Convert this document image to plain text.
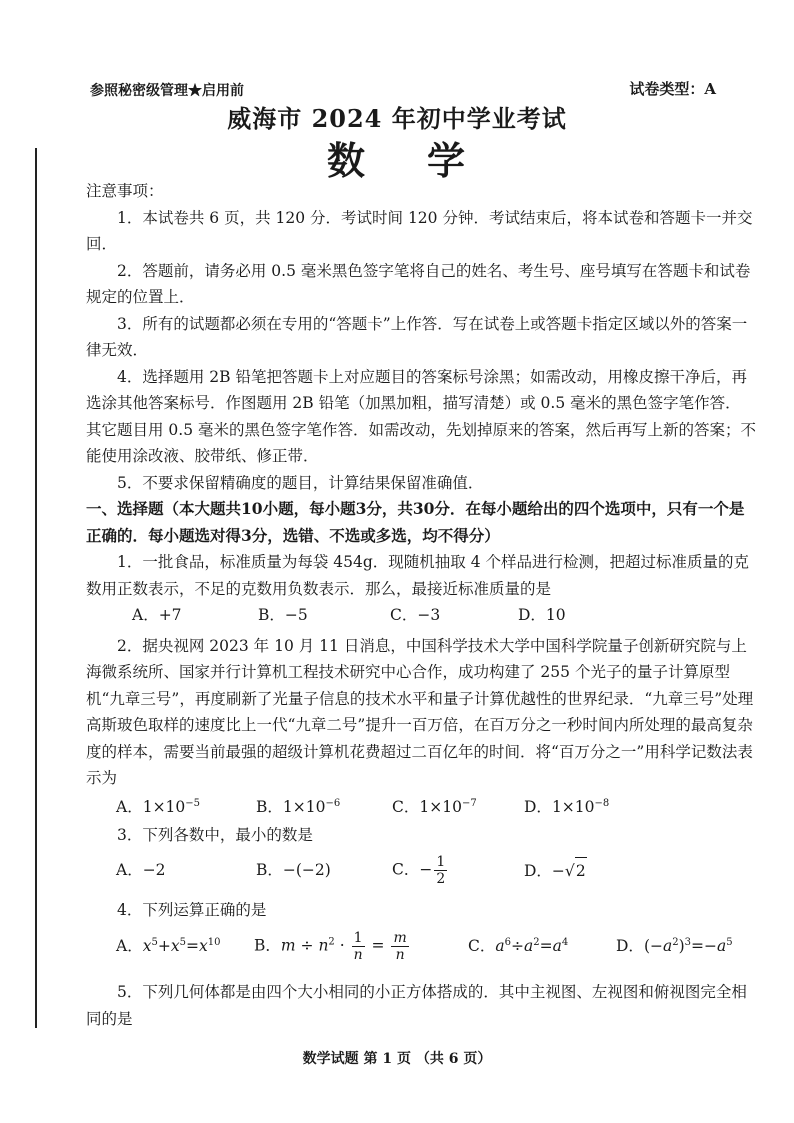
参照秘密级管理★启用前	试卷类型：A
威海市 2024 年初中学业考试
数 学

注意事项：

1．本试卷共 6 页，共 120 分．考试时间 120 分钟．考试结束后，将本试卷和答题卡一并交回．

2．答题前，请务必用 0.5 毫米黑色签字笔将自己的姓名、考生号、座号填写在答题卡和试卷规定的位置上．

3．所有的试题都必须在专用的“答题卡”上作答．写在试卷上或答题卡指定区域以外的答案一律无效．

4．选择题用 2B 铅笔把答题卡上对应题目的答案标号涂黑；如需改动，用橡皮擦干净后，再选涂其他答案标号．作图题用 2B 铅笔（加黑加粗，描写清楚）或 0.5 毫米的黑色签字笔作答．其它题目用 0.5 毫米的黑色签字笔作答．如需改动，先划掉原来的答案，然后再写上新的答案；不能使用涂改液、胶带纸、修正带．

5．不要求保留精确度的题目，计算结果保留准确值．

一、选择题（本大题共10小题，每小题3分，共30分．在每小题给出的四个选项中，只有一个是正确的．每小题选对得3分，选错、不选或多选，均不得分）

1．一批食品，标准质量为每袋 454g．现随机抽取 4 个样品进行检测，把超过标准质量的克数用正数表示，不足的克数用负数表示．那么，最接近标准质量的是

A．+7	B．−5	C．−3	D．10

2．据央视网 2023 年 10 月 11 日消息，中国科学技术大学中国科学院量子创新研究院与上海微系统所、国家并行计算机工程技术研究中心合作，成功构建了 255 个光子的量子计算原型机“九章三号”，再度刷新了光量子信息的技术水平和量子计算优越性的世界纪录．“九章三号”处理高斯玻色取样的速度比上一代“九章二号”提升一百万倍，在百万分之一秒时间内所处理的最高复杂度的样本，需要当前最强的超级计算机花费超过二百亿年的时间．将“百万分之一”用科学记数法表示为

A．$1\times 10^{-5}$	B．$1\times 10^{-6}$	C．$1\times 10^{-7}$	D．$1\times 10^{-8}$

3．下列各数中，最小的数是

A．−2	B．−(−2)	C．− $\frac{1}{2}$	D．−√ 2

4．下列运算正确的是

A．$x^5+x^5=x^{10}$	B．$m \div n^2 \cdot \frac{1}{n} = \frac{m}{n}$	C．$a^6\div a^2=a^4$	D．$(-a^2)^3=-a^5$

5．下列几何体都是由四个大小相同的小正方体搭成的．其中主视图、左视图和俯视图完全相同的是

数学试题 第 1 页 （共 6 页）
